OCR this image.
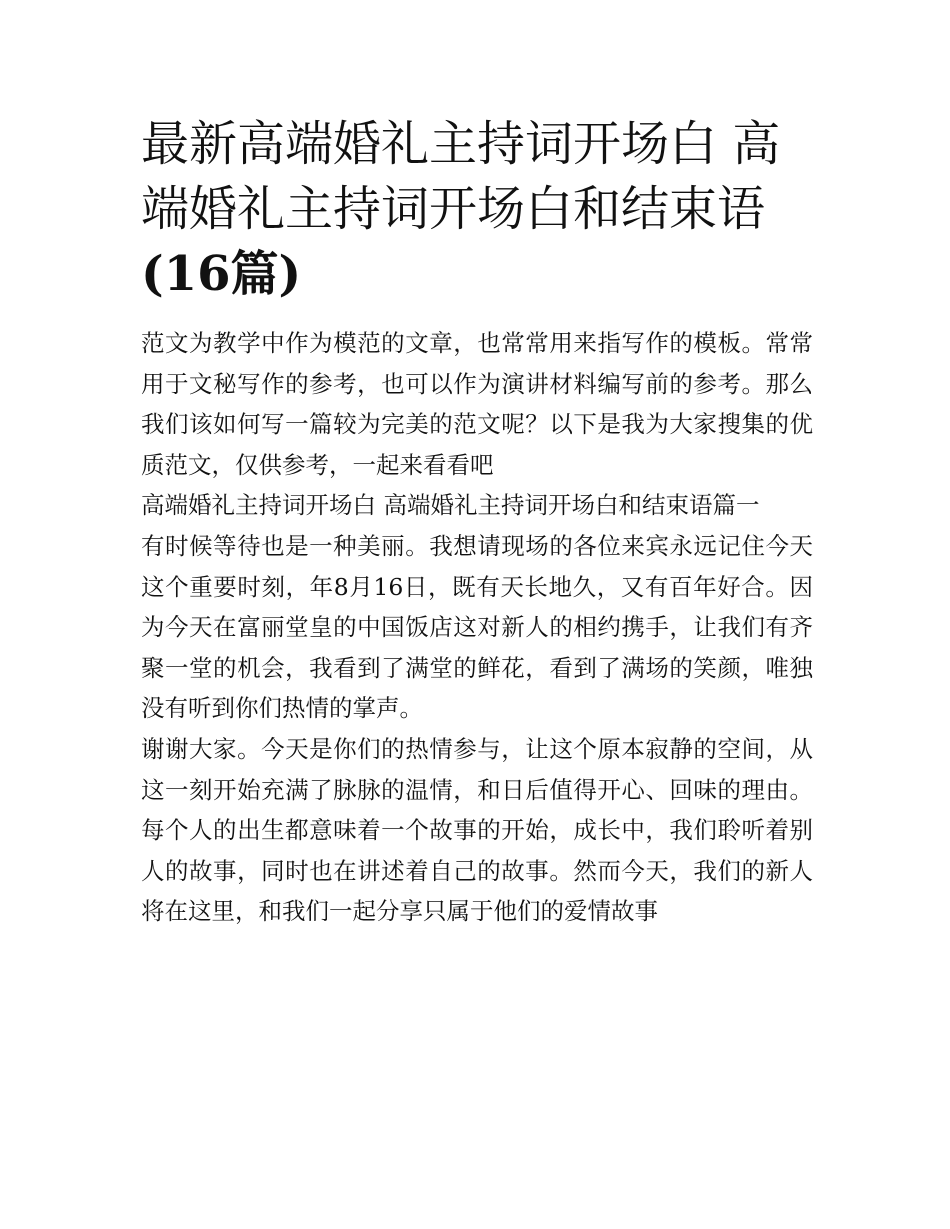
最新高端婚礼主持词开场白 高端婚礼主持词开场白和结束语
(16篇)

范文为教学中作为模范的文章，也常常用来指写作的模板。常常用于文秘写作的参考，也可以作为演讲材料编写前的参考。那么我们该如何写一篇较为完美的范文呢？以下是我为大家搜集的优质范文，仅供参考，一起来看看吧

高端婚礼主持词开场白 高端婚礼主持词开场白和结束语篇一

有时候等待也是一种美丽。我想请现场的各位来宾永远记住今天这个重要时刻，年8月16日，既有天长地久，又有百年好合。因为今天在富丽堂皇的中国饭店这对新人的相约携手，让我们有齐聚一堂的机会，我看到了满堂的鲜花，看到了满场的笑颜，唯独没有听到你们热情的掌声。

谢谢大家。今天是你们的热情参与，让这个原本寂静的空间，从这一刻开始充满了脉脉的温情，和日后值得开心、回味的理由。每个人的出生都意味着一个故事的开始，成长中，我们聆听着别人的故事，同时也在讲述着自己的故事。然而今天，我们的新人将在这里，和我们一起分享只属于他们的爱情故事
